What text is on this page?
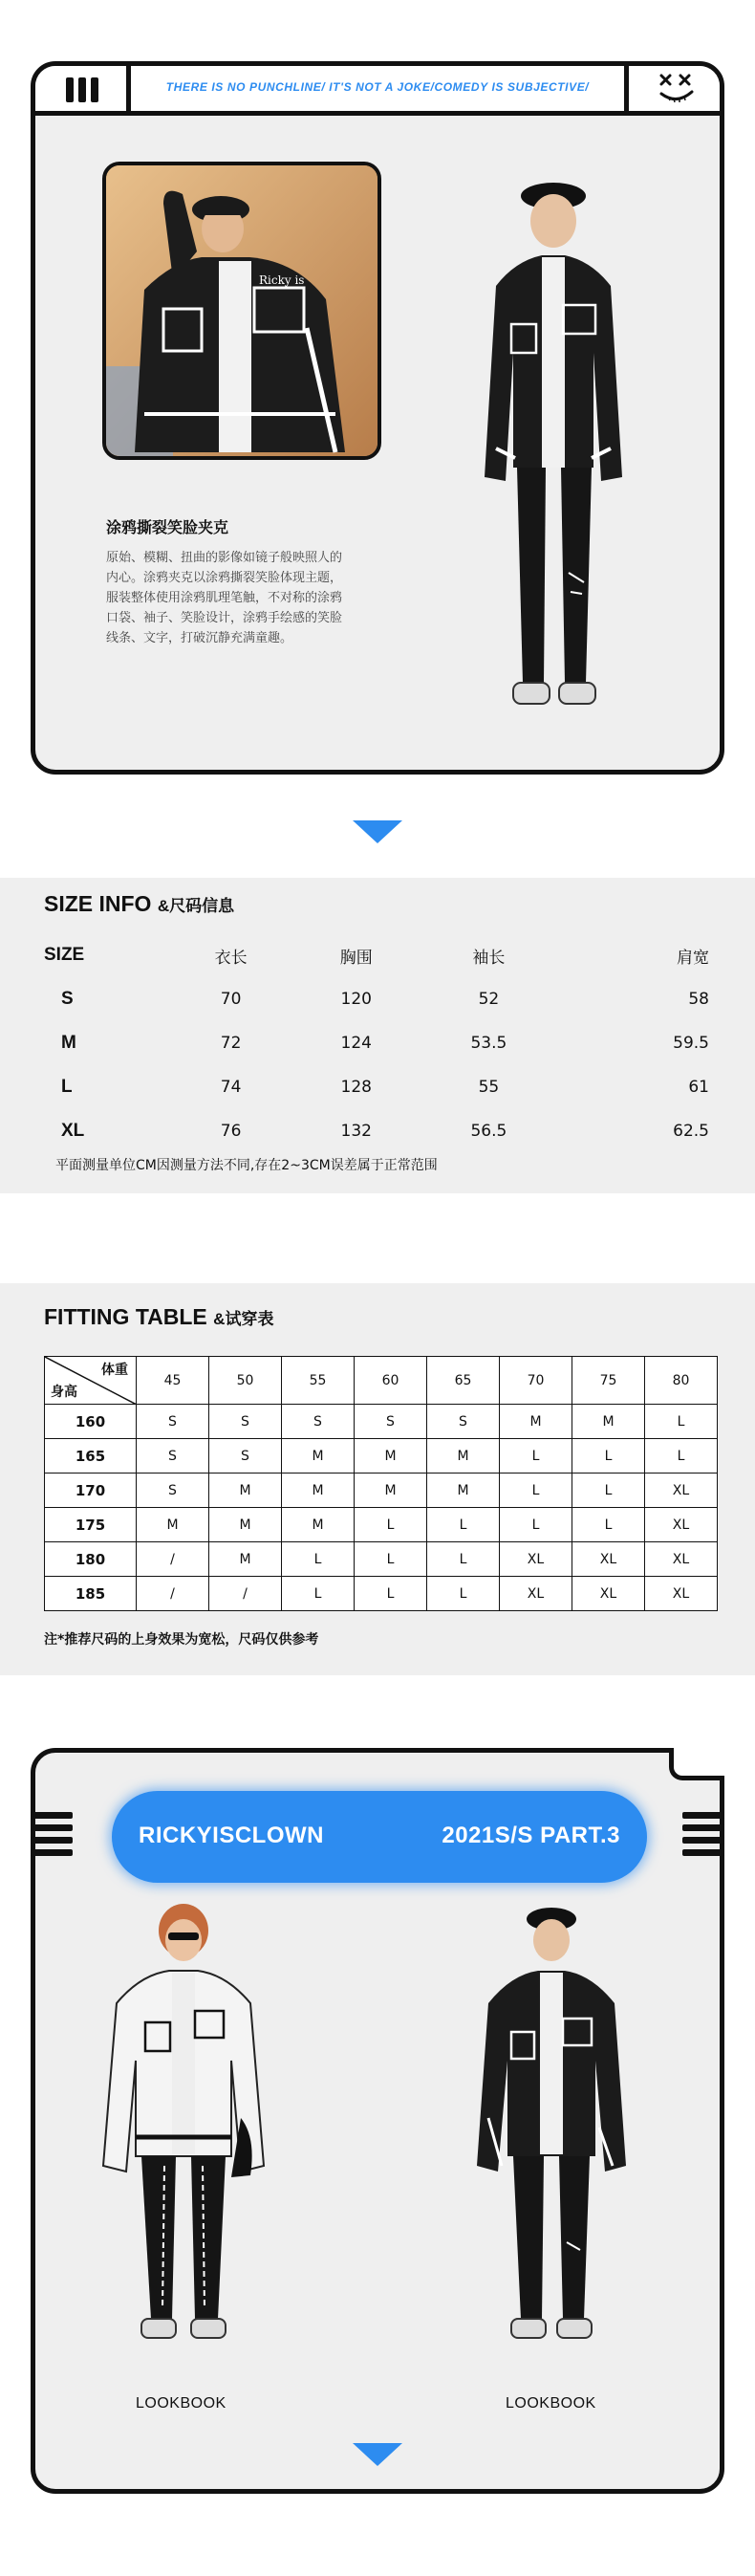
THERE IS NO PUNCHLINE/ IT'S NOT A JOKE/COMEDY IS SUBJECTIVE/
Ricky is
涂鸦撕裂笑脸夹克
原始、模糊、扭曲的影像如镜子般映照人的
内心。涂鸦夹克以涂鸦撕裂笑脸体现主题，
服装整体使用涂鸦肌理笔触，不对称的涂鸦
口袋、袖子、笑脸设计，涂鸦手绘感的笑脸
线条、文字，打破沉静充满童趣。
SIZE INFO &尺码信息
SIZE	衣长	胸围	袖长	肩宽
S	70	120	52	58
M	72	124	53.5	59.5
L	74	128	55	61
XL	76	132	56.5	62.5
平面测量单位CM因测量方法不同,存在2~3CM误差属于正常范围
FITTING TABLE &试穿表
体重
身高	45	50	55	60	65	70	75	80
160	S	S	S	S	S	M	M	L
165	S	S	M	M	M	L	L	L
170	S	M	M	M	M	L	L	XL
175	M	M	M	L	L	L	L	XL
180	/	M	L	L	L	XL	XL	XL
185	/	/	L	L	L	XL	XL	XL
注*推荐尺码的上身效果为宽松，尺码仅供参考
RICKYISCLOWN	2021S/S PART.3
LOOKBOOK	LOOKBOOK
